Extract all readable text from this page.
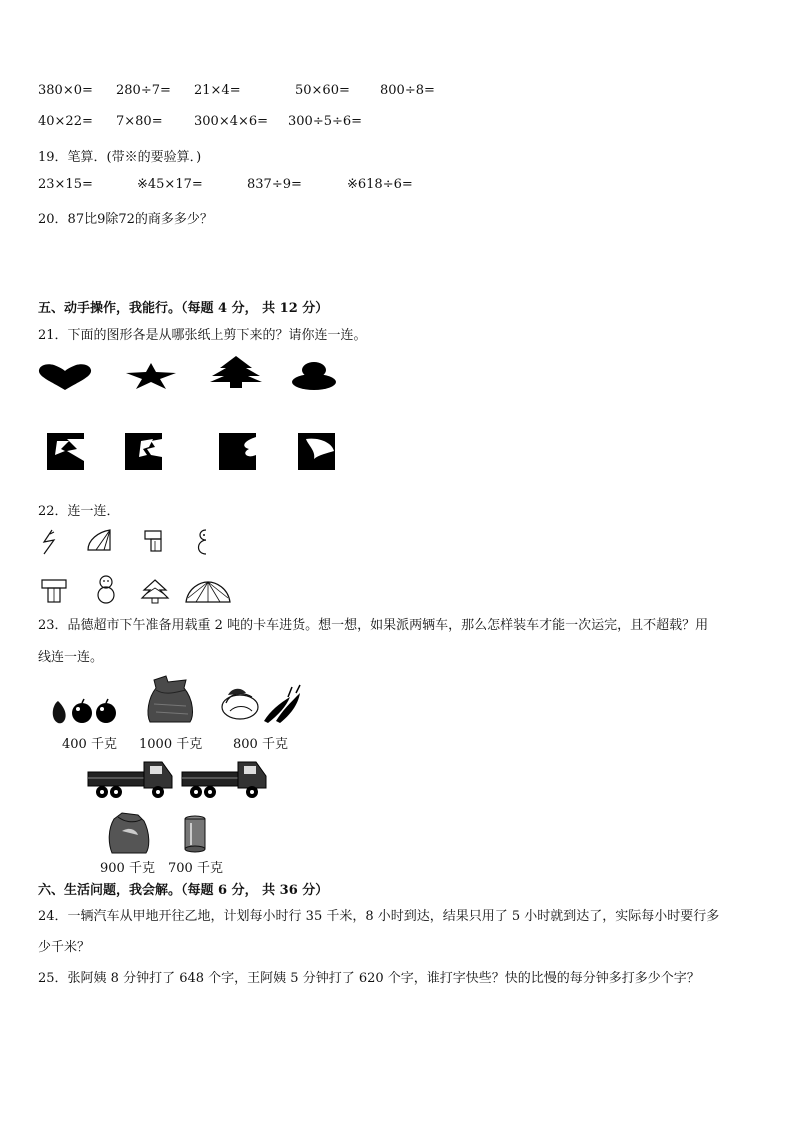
380×0= 280÷7= 21×4=	50×60= 800÷8=
40×22= 7×80= 300×4×6= 300÷5÷6=
19．笔算．(带※的要验算．)
23×15=	※45×17=	837÷9=	※618÷6=
20．87比9除72的商多多少？
五、动手操作，我能行。（每题 4 分， 共 12 分）
21．下面的图形各是从哪张纸上剪下来的？请你连一连。
22．连一连．
23．品德超市下午准备用载重 2 吨的卡车进货。想一想，如果派两辆车，那么怎样装车才能一次运完，且不超载？用
线连一连。
400 千克 1000 千克 800 千克
900 千克 700 千克
六、生活问题，我会解。（每题 6 分， 共 36 分）
24．一辆汽车从甲地开往乙地，计划每小时行 35 千米，8 小时到达，结果只用了 5 小时就到达了，实际每小时要行多
少千米？
25．张阿姨 8 分钟打了 648 个字，王阿姨 5 分钟打了 620 个字，谁打字快些？快的比慢的每分钟多打多少个字？
